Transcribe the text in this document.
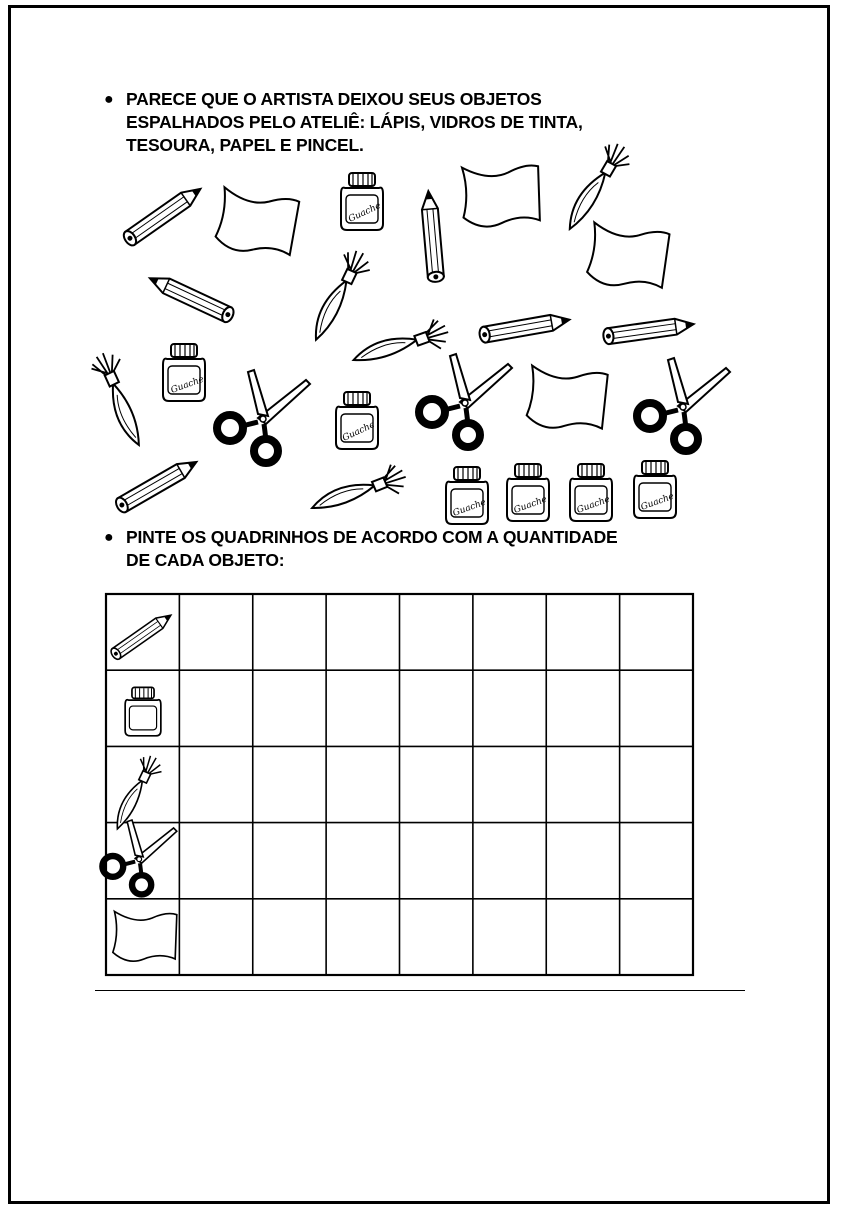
● PARECE QUE O ARTISTA DEIXOU SEUS OBJETOS
ESPALHADOS PELO ATELIÊ: LÁPIS, VIDROS DE TINTA,
TESOURA, PAPEL E PINCEL.
● PINTE OS QUADRINHOS DE ACORDO COM A QUANTIDADE
DE CADA OBJETO:
Guache
Guache
Guache
Guache	Guache	Guache	Guache
